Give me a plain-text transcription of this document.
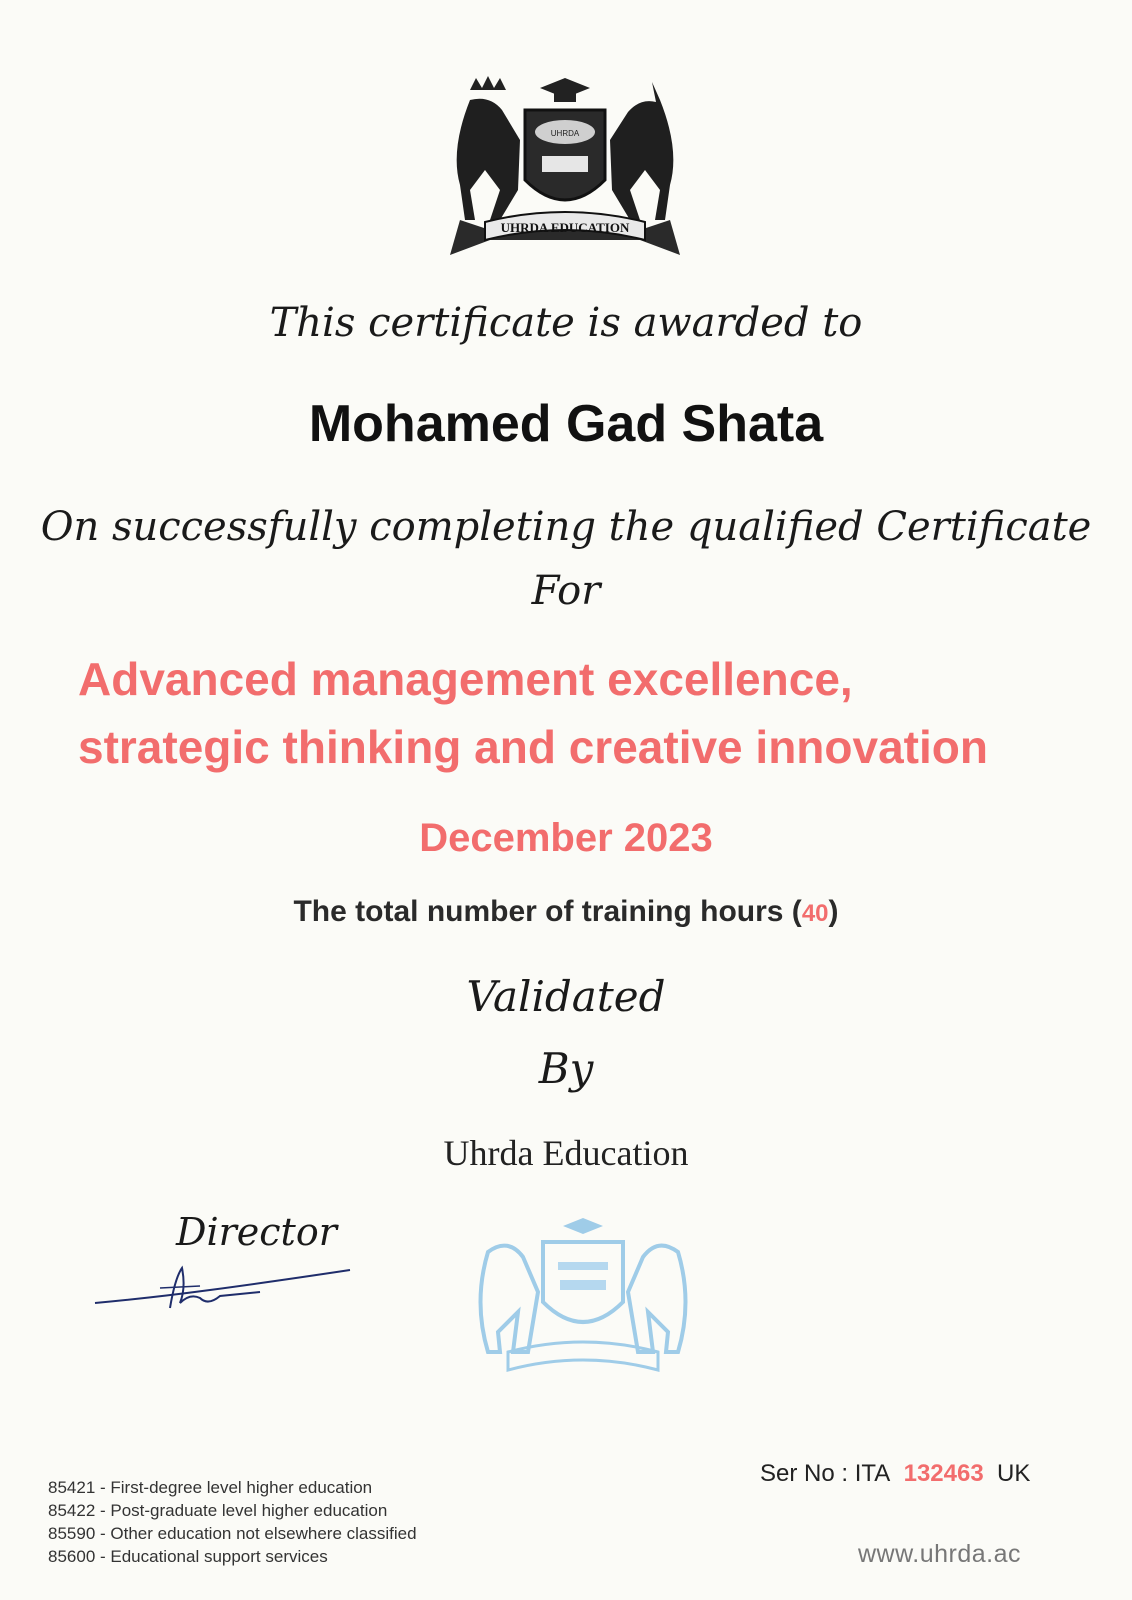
UHRDA EDUCATION
UHRDA
This certificate is awarded to
Mohamed Gad Shata
On successfully completing the qualified Certificate
For
Advanced management excellence,
strategic thinking and creative innovation
December 2023
The total number of training hours (40)
Validated
By
Uhrda Education
Director
85421 - First-degree level higher education
85422 - Post-graduate level higher education
85590 - Other education not elsewhere classified
85600 - Educational support services
Ser No : ITA 132463 UK
www.uhrda.ac
